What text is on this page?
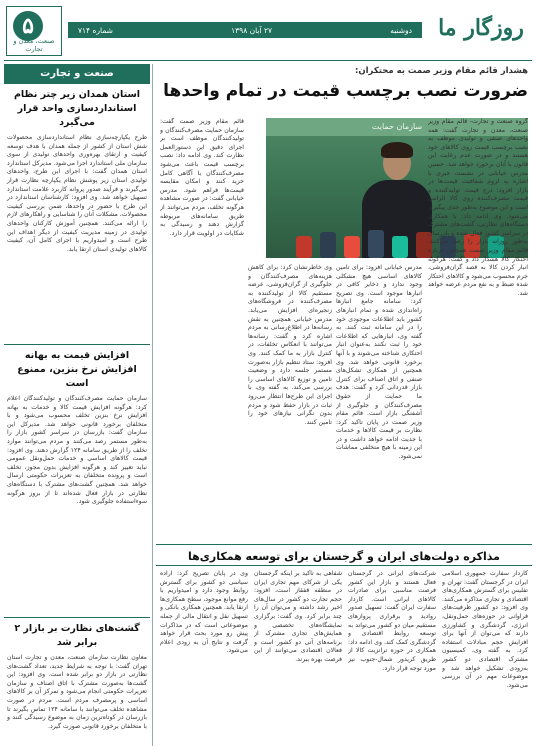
روزگار ما
دوشنبه
۲۷ آبان ۱۳۹۸
شماره ۷۱۴
۵
صنعت، معدن و تجارت
صنعت و تجارت
استان همدان زیر چتر نظام استانداردسازی واحد قرار می‌گیرد
طرح یکپارچه‌سازی نظام استانداردسازی محصولات شش استان از کشور از جمله همدان با هدف توسعه کیفیت و ارتقای بهره‌وری واحدهای تولیدی از سوی سازمان ملی استاندارد اجرا می‌شود. مدیرکل استاندارد استان همدان گفت: با اجرای این طرح، واحدهای تولیدی استان زیر پوشش نظام یکپارچه نظارت قرار می‌گیرند و فرآیند صدور پروانه کاربرد علامت استاندارد تسهیل خواهد شد. وی افزود: کارشناسان استاندارد در این طرح با حضور در واحدها، ضمن بررسی کیفیت محصولات، مشکلات آنان را شناسایی و راهکارهای لازم را ارائه می‌کنند. همچنین آموزش کارکنان واحدهای تولیدی در زمینه مدیریت کیفیت از دیگر اهداف این طرح است و امیدواریم با اجرای کامل آن، کیفیت کالاهای تولیدی استان ارتقا یابد.
افزایش قیمت به بهانه افزایش نرخ بنزین، ممنوع است
سازمان حمایت مصرف‌کنندگان و تولیدکنندگان اعلام کرد: هرگونه افزایش قیمت کالا و خدمات به بهانه افزایش نرخ بنزین تخلف محسوب می‌شود و با متخلفان برخورد قانونی خواهد شد. مدیرکل این سازمان گفت: بازرسان در سراسر کشور بازار را به‌طور مستمر رصد می‌کنند و مردم می‌توانند موارد تخلف را از طریق سامانه ۱۲۴ گزارش دهند. وی افزود: قیمت کالاهای اساسی و خدمات حمل‌ونقل عمومی نباید تغییر کند و هرگونه افزایش بدون مجوز، تخلف است و پرونده متخلفان به تعزیرات حکومتی ارسال خواهد شد. همچنین گشت‌های مشترک با دستگاه‌های نظارتی در بازار فعال شده‌اند تا از بروز هرگونه سوءاستفاده جلوگیری شود.
گشت‌های نظارت بر بازار ۲ برابر شد
معاون نظارت سازمان صنعت، معدن و تجارت استان تهران گفت: با توجه به شرایط جدید، تعداد گشت‌های نظارتی در بازار دو برابر شده است. وی افزود: این گشت‌ها به‌صورت مشترک با اتاق اصناف و سازمان تعزیرات حکومتی انجام می‌شود و تمرکز آن بر کالاهای اساسی و پرمصرف مردم است. مردم در صورت مشاهده تخلف می‌توانند با سامانه ۱۲۴ تماس بگیرند تا بازرسان در کوتاه‌ترین زمان به موضوع رسیدگی کنند و با متخلفان برخورد قانونی صورت گیرد.
هشدار قائم مقام وزیر صمت به محتکران:
ضرورت نصب برچسب قیمت در تمام واحدها
سازمان حمایت
گروه صنعت و تجارت- قائم مقام وزیر صنعت، معدن و تجارت گفت: همه واحدهای صنفی و تولیدی موظف به نصب برچسب قیمت روی کالاهای خود هستند و در صورت عدم رعایت این قانون با آنان برخورد خواهد شد. حسین مدرس خیابانی در نشست خبری با اشاره به لزوم شفافیت قیمت‌ها در بازار افزود: درج قیمت تولیدکننده و قیمت مصرف‌کننده روی کالا الزامی است و این موضوع به‌طور جدی پیگیری می‌شود. وی ادامه داد: با همکاری دستگاه‌های نظارتی، گشت‌های مشترک در سراسر کشور فعال شده و بازرسان به‌طور روزانه بازار را رصد می‌کنند. قائم مقام وزیر صمت همچنین درباره احتکار کالا هشدار داد و گفت: هرگونه انبار کردن کالا به قصد گران‌فروشی، جرم محسوب می‌شود و کالاهای احتکار شده ضبط و به نفع مردم عرضه خواهد شد.
مدرس خیابانی افزود: برای تامین کالاهای اساسی هیچ مشکلی وجود ندارد و ذخایر کافی در انبارها موجود است. وی تصریح کرد: سامانه جامع انبارها راه‌اندازی شده و تمام انبارهای کشور باید اطلاعات موجودی خود را در این سامانه ثبت کنند. به گفته وی، انبارهایی که اطلاعات خود را ثبت نکنند به‌عنوان انبار احتکاری شناخته می‌شوند و با آنها برخورد قانونی خواهد شد. وی همچنین از همکاری تشکل‌های صنفی و اتاق اصناف برای کنترل بازار قدردانی کرد و گفت: هدف ما حمایت از حقوق مصرف‌کنندگان و جلوگیری از آشفتگی بازار است. قائم مقام وزیر صمت در پایان تاکید کرد: نظارت بر قیمت کالاها و خدمات با جدیت ادامه خواهد داشت و در این زمینه با هیچ متخلفی مماشات نمی‌شود.
وی خاطرنشان کرد: برای کاهش هزینه‌های مصرف‌کنندگان و جلوگیری از گران‌فروشی، عرضه مستقیم کالا از تولیدکننده به مصرف‌کننده در فروشگاه‌های زنجیره‌ای افزایش می‌یابد. مدرس خیابانی همچنین به نقش رسانه‌ها در اطلاع‌رسانی به مردم اشاره کرد و گفت: رسانه‌ها می‌توانند با انعکاس تخلفات، در کنترل بازار به ما کمک کنند. وی افزود: ستاد تنظیم بازار به‌صورت مستمر جلسه دارد و وضعیت تامین و توزیع کالاهای اساسی را بررسی می‌کند. به گفته وی، با اجرای این طرح‌ها انتظار می‌رود ثبات در بازار حفظ شود و مردم بدون نگرانی نیازهای خود را تامین کنند.
قائم مقام وزیر صمت گفت: سازمان حمایت مصرف‌کنندگان و تولیدکنندگان موظف است بر اجرای دقیق این دستورالعمل نظارت کند. وی ادامه داد: نصب برچسب قیمت باعث می‌شود مصرف‌کنندگان با آگاهی کامل خرید کنند و امکان مقایسه قیمت‌ها فراهم شود. مدرس خیابانی گفت: در صورت مشاهده هرگونه تخلف، مردم می‌توانند از طریق سامانه‌های مربوطه گزارش دهند و رسیدگی به شکایات در اولویت قرار دارد.
مذاکره دولت‌های ایران و گرجستان برای توسعه همکاری‌ها
کاردار سفارت جمهوری اسلامی ایران در گرجستان گفت: تهران و تفلیس برای گسترش همکاری‌های اقتصادی و تجاری مذاکره می‌کنند. وی افزود: دو کشور ظرفیت‌های فراوانی در حوزه‌های حمل‌ونقل، انرژی، گردشگری و کشاورزی دارند که می‌توان از آنها برای افزایش حجم مبادلات استفاده کرد. به گفته وی، کمیسیون مشترک اقتصادی دو کشور به‌زودی تشکیل خواهد شد و موضوعات مهم در آن بررسی می‌شود.
شرکت‌های ایرانی در گرجستان فعال هستند و بازار این کشور فرصت مناسبی برای صادرات کالاهای ایرانی است. کاردار سفارت ایران گفت: تسهیل صدور روادید و برقراری پروازهای مستقیم میان دو کشور می‌تواند به توسعه روابط اقتصادی و گردشگری کمک کند. وی ادامه داد: همکاری در حوزه ترانزیت کالا از طریق کریدور شمال-جنوب نیز مورد توجه قرار دارد.
شفاهی به تاکید بر اینکه گرجستان یکی از شرکای مهم تجاری ایران در منطقه قفقاز است، افزود: حجم تجارت دو کشور در سال‌های اخیر رشد داشته و می‌توان آن را چند برابر کرد. وی گفت: برگزاری نمایشگاه‌های تخصصی و همایش‌های تجاری مشترک از برنامه‌های آتی دو کشور است و فعالان اقتصادی می‌توانند از این فرصت بهره ببرند.
وی در پایان تصریح کرد: اراده سیاسی دو کشور برای گسترش روابط وجود دارد و امیدواریم با رفع موانع موجود، سطح همکاری‌ها ارتقا یابد. همچنین همکاری بانکی و تسهیل نقل و انتقال مالی از جمله موضوعاتی است که در مذاکرات پیش رو مورد بحث قرار خواهد گرفت و نتایج آن به زودی اعلام می‌شود.
